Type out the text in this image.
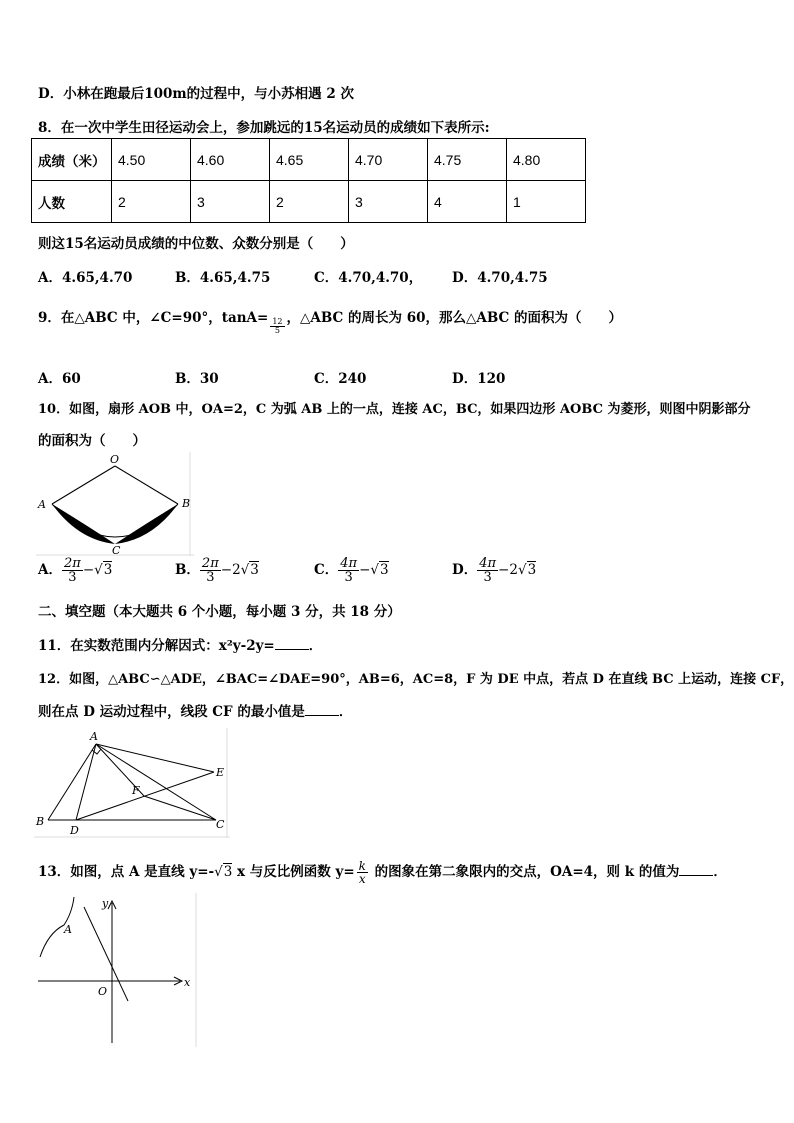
D．小林在跑最后100m的过程中，与小苏相遇 2 次
8．在一次中学生田径运动会上，参加跳远的15名运动员的成绩如下表所示:
成绩（米）	4.50	4.60	4.65	4.70	4.75	4.80
人数	2	3	2	3	4	1
则这15名运动员成绩的中位数、众数分别是（　　）
A．4.65,4.70	B．4.65,4.75	C．4.70,4.70， D．4.70,4.75
9．在△ABC 中，∠C=90°，$\tan A= \frac{12}{5}$ ，△ABC 的周长为 60，那么△ABC 的面积为（　　）
A．60	B．30	C．240	D．120
10．如图，扇形 AOB 中，OA=2，C 为弧 AB 上的一点，连接 AC，BC，如果四边形 AOBC 为菱形，则图中阴影部分
的面积为（　　）
O
A	B
C
A． $\frac{2\pi}{3} -√3$	B． $\frac{2\pi}{3} -2√3$	C． $\frac{4\pi}{3} -√3$	D． $\frac{4\pi}{3} -2√3$
二、填空题（本大题共 6 个小题，每小题 3 分，共 18 分）
11．在实数范围内分解因式：x²y-2y=	．
12．如图，△ABC∽△ADE，∠BAC=∠DAE=90°，AB=6，AC=8，F 为 DE 中点，若点 D 在直线 BC 上运动，连接 CF，
则在点 D 运动过程中，线段 CF 的最小值是	．
A
B	C
D
E
F
13．如图，点 A 是直线 y=-√3 x 与反比例函数 $y= \frac{k}{x}$ 的图象在第二象限内的交点，OA=4，则 k 的值为	．
y
x
A
O
